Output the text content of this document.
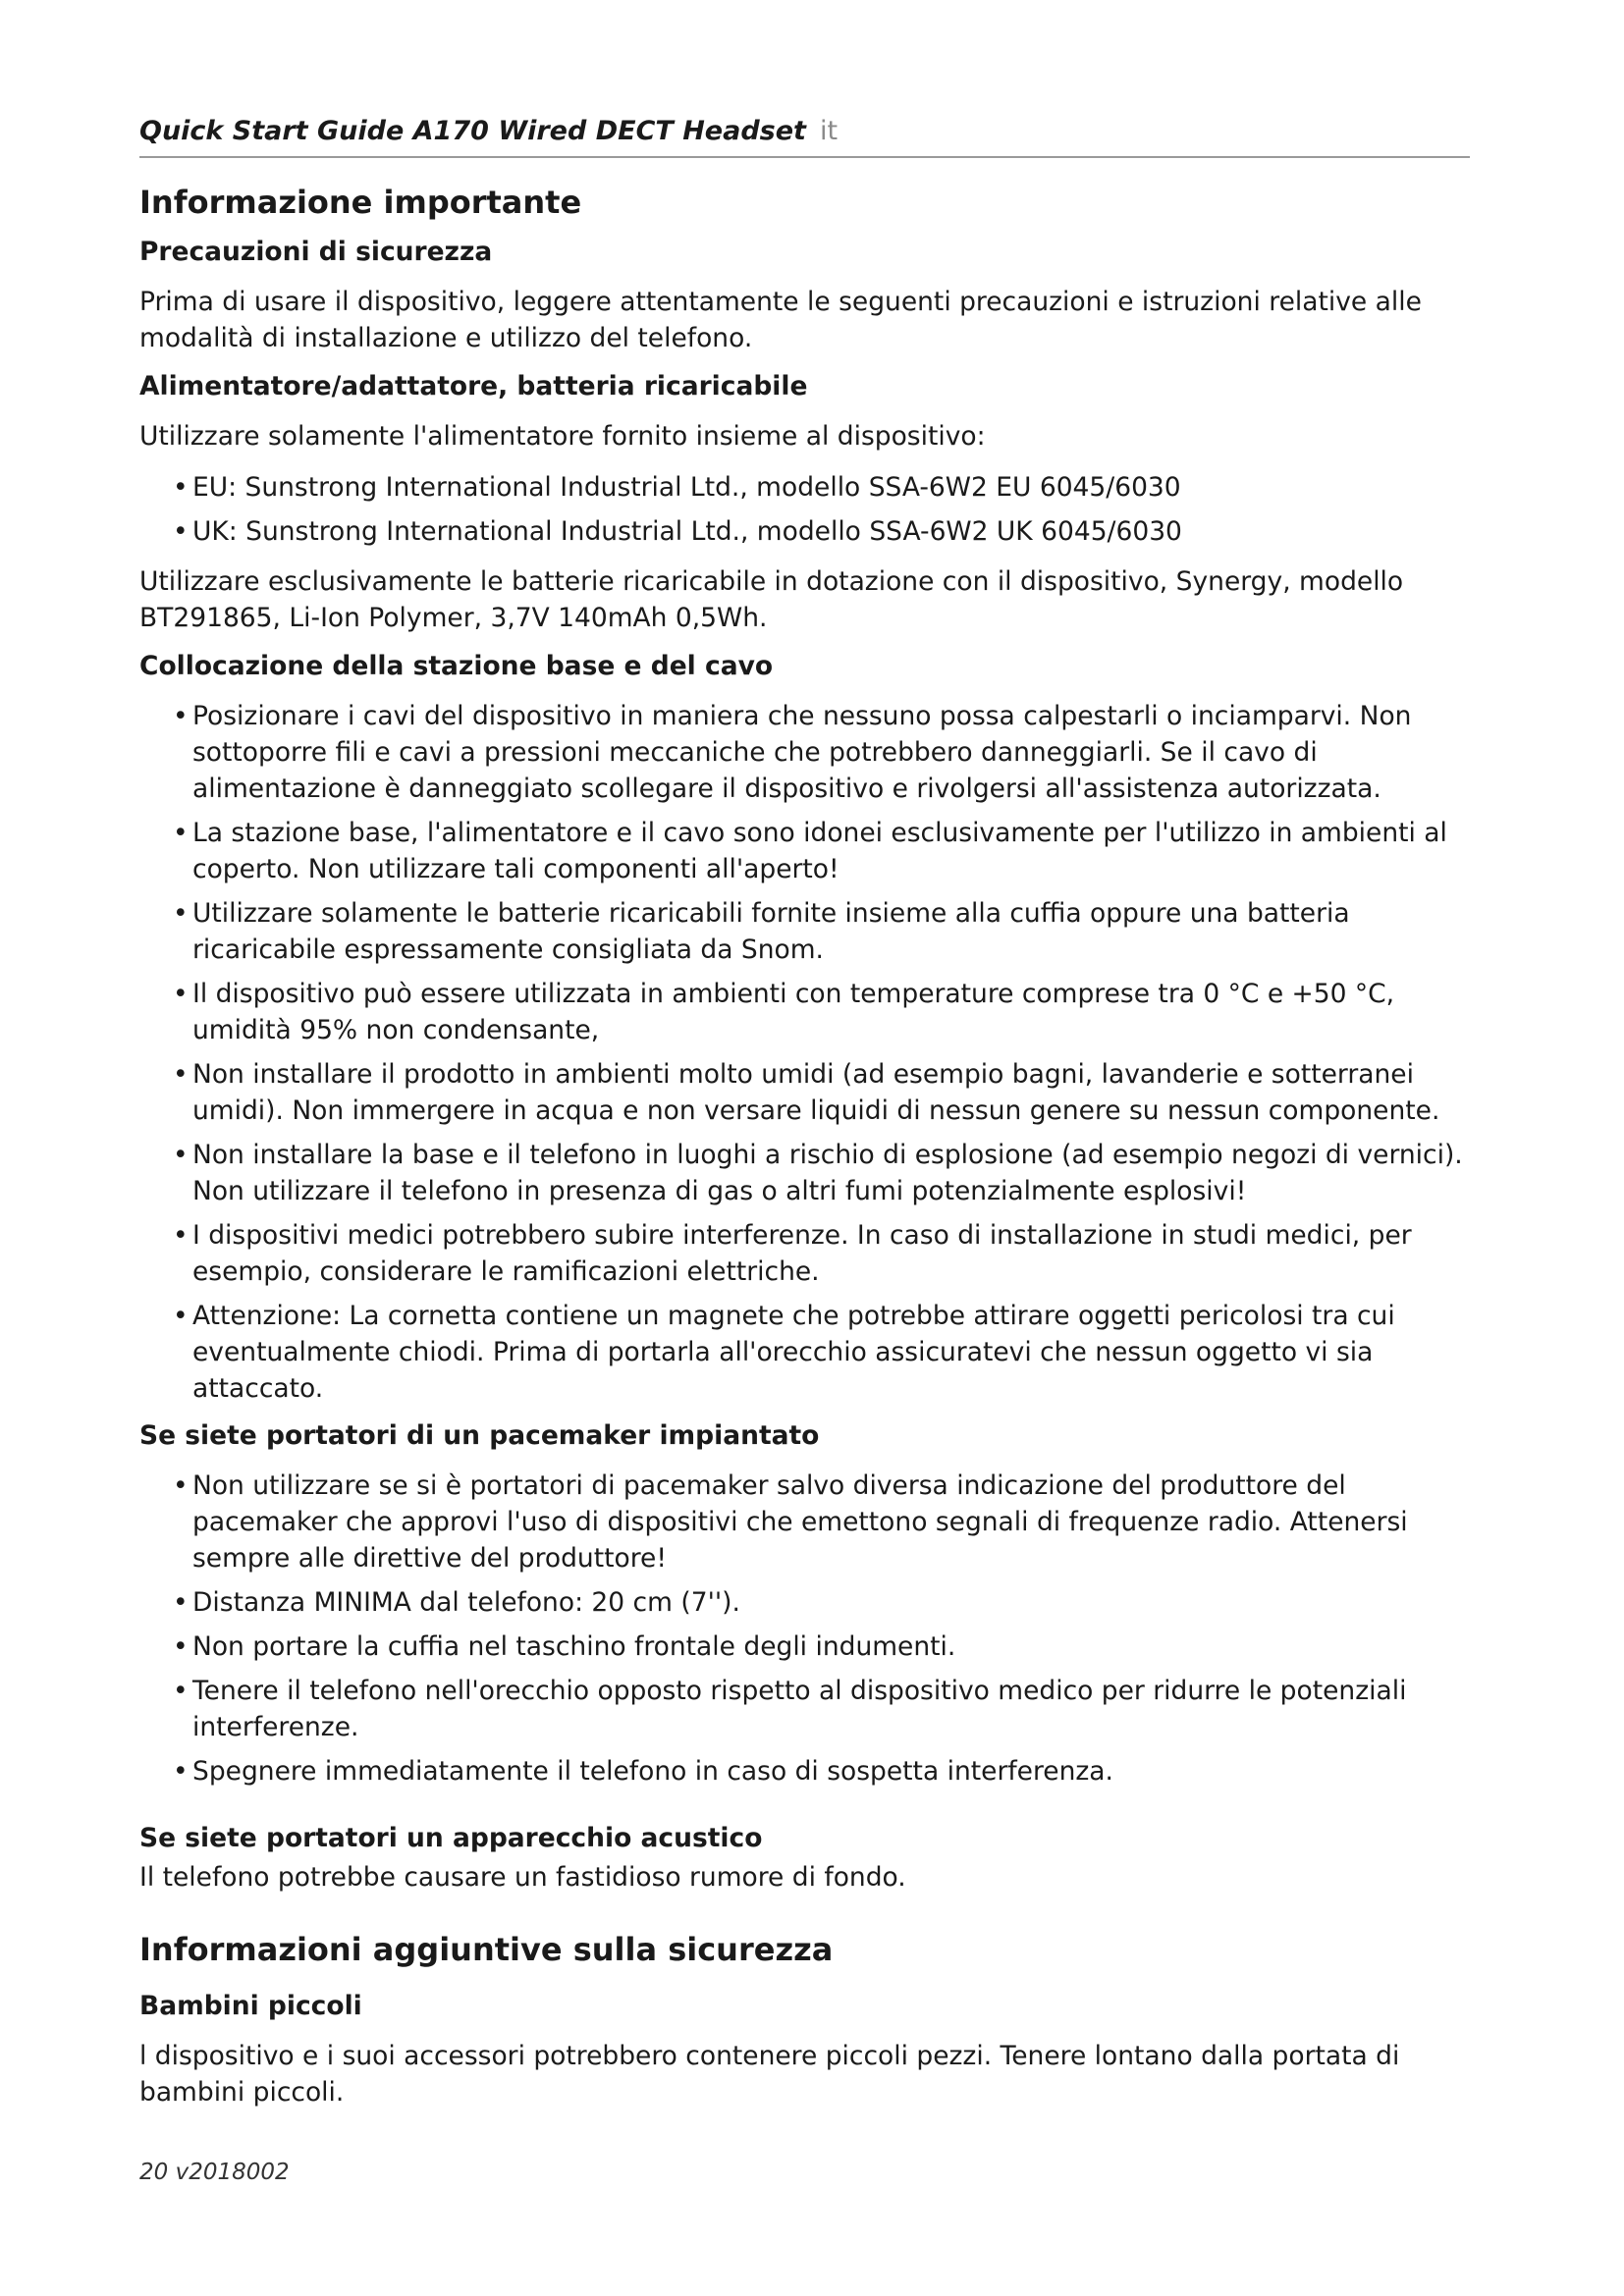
Quick Start Guide A170 Wired DECT Headset it
Informazione importante
Precauzioni di sicurezza

Prima di usare il dispositivo, leggere attentamente le seguenti precauzioni e istruzioni relative alle modalità di installazione e utilizzo del telefono.

Alimentatore/adattatore, batteria ricaricabile

Utilizzare solamente l'alimentatore fornito insieme al dispositivo:

• EU: Sunstrong International Industrial Ltd., modello SSA-6W2 EU 6045/6030
• UK: Sunstrong International Industrial Ltd., modello SSA-6W2 UK 6045/6030

Utilizzare esclusivamente le batterie ricaricabile in dotazione con il dispositivo, Synergy, modello BT291865, Li-Ion Polymer, 3,7V 140mAh 0,5Wh.

Collocazione della stazione base e del cavo
• Posizionare i cavi del dispositivo in maniera che nessuno possa calpestarli o inciamparvi. Non sottoporre fili e cavi a pressioni meccaniche che potrebbero danneggiarli. Se il cavo di alimentazione è danneggiato scollegare il dispositivo e rivolgersi all'assistenza autorizzata.
• La stazione base, l'alimentatore e il cavo sono idonei esclusivamente per l'utilizzo in ambienti al coperto. Non utilizzare tali componenti all'aperto!
• Utilizzare solamente le batterie ricaricabili fornite insieme alla cuffia oppure una batteria ricaricabile espressamente consigliata da Snom.
• Il dispositivo può essere utilizzata in ambienti con temperature comprese tra 0 °C e +50 °C, umidità 95% non condensante,
• Non installare il prodotto in ambienti molto umidi (ad esempio bagni, lavanderie e sotterranei umidi). Non immergere in acqua e non versare liquidi di nessun genere su nessun componente.
• Non installare la base e il telefono in luoghi a rischio di esplosione (ad esempio negozi di vernici). Non utilizzare il telefono in presenza di gas o altri fumi potenzialmente esplosivi!
• I dispositivi medici potrebbero subire interferenze. In caso di installazione in studi medici, per esempio, considerare le ramificazioni elettriche.
• Attenzione: La cornetta contiene un magnete che potrebbe attirare oggetti pericolosi tra cui eventualmente chiodi. Prima di portarla all'orecchio assicuratevi che nessun oggetto vi sia attaccato.
Se siete portatori di un pacemaker impiantato
• Non utilizzare se si è portatori di pacemaker salvo diversa indicazione del produttore del pacemaker che approvi l'uso di dispositivi che emettono segnali di frequenze radio. Attenersi sempre alle direttive del produttore!
• Distanza MINIMA dal telefono: 20 cm (7'').
• Non portare la cuffia nel taschino frontale degli indumenti.
• Tenere il telefono nell'orecchio opposto rispetto al dispositivo medico per ridurre le potenziali interferenze.
• Spegnere immediatamente il telefono in caso di sospetta interferenza.
Se siete portatori un apparecchio acustico

Il telefono potrebbe causare un fastidioso rumore di fondo.

Informazioni aggiuntive sulla sicurezza
Bambini piccoli

l dispositivo e i suoi accessori potrebbero contenere piccoli pezzi. Tenere lontano dalla portata di bambini piccoli.

20 v2018002
